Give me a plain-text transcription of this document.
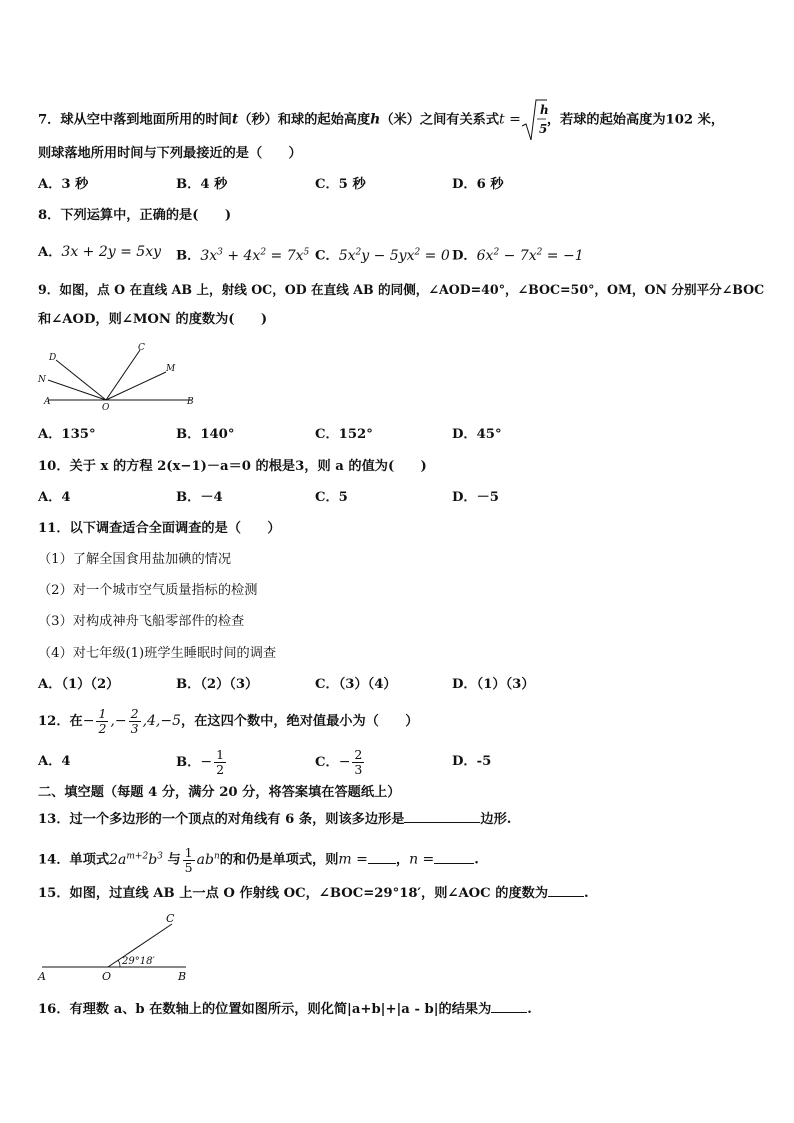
7．球从空中落到地面所用的时间t（秒）和球的起始高度h（米）之间有关系式t =
h
5
，若球的起始高度为102 米，
则球落地所用时间与下列最接近的是（　　）
A．3 秒	B．4 秒	C．5 秒	D．6 秒
8．下列运算中，正确的是(　　)
A．3x + 2y = 5xy B．$3x^3 + 4x^2 = 7x^5$ C．$5x^2y - 5yx^2 = 0$ D．$6x^2 - 7x^2 = -1$
9．如图，点 O 在直线 AB 上，射线 OC，OD 在直线 AB 的同侧，∠AOD=40°，∠BOC=50°，OM，ON 分别平分∠BOC
和∠AOD，则∠MON 的度数为(　　)
D
C
N
M
A
O
B
A．135°	B．140°	C．152°	D．45°
10．关于 x 的方程 2(x−1)－a＝0 的根是3，则 a 的值为(　　)
A．4	B．－4	C．5	D．－5
11．以下调查适合全面调查的是（　　）
（1）了解全国食用盐加碘的情况
（2）对一个城市空气质量指标的检测
（3）对构成神舟飞船零部件的检查
（4）对七年级(1)班学生睡眠时间的调查
A．（1）（2）	B．（2）（3）	C．（3）（4）	D．（1）（3）
12．在− $\frac{1}{2}$ ,− $\frac{2}{3} ,4,-5$，在这四个数中，绝对值最小为（　　）
A．4	B．− $\frac{1}{2}$	C．− $\frac{2}{3}$	D．-5
二、填空题（每题 4 分，满分 20 分，将答案填在答题纸上）
13．过一个多边形的一个顶点的对角线有 6 条，则该多边形是	边形.
14．单项式$2a^{m+2}b^3$ 与 $\frac{1}{5} ab^n$的和仍是单项式，则m = ，n =	.
15．如图，过直线 AB 上一点 O 作射线 OC，∠BOC=29°18′，则∠AOC 的度数为	.
C
A	O	B
29°18′
16．有理数 a、b 在数轴上的位置如图所示，则化简|a+b|+|a - b|的结果为	.
